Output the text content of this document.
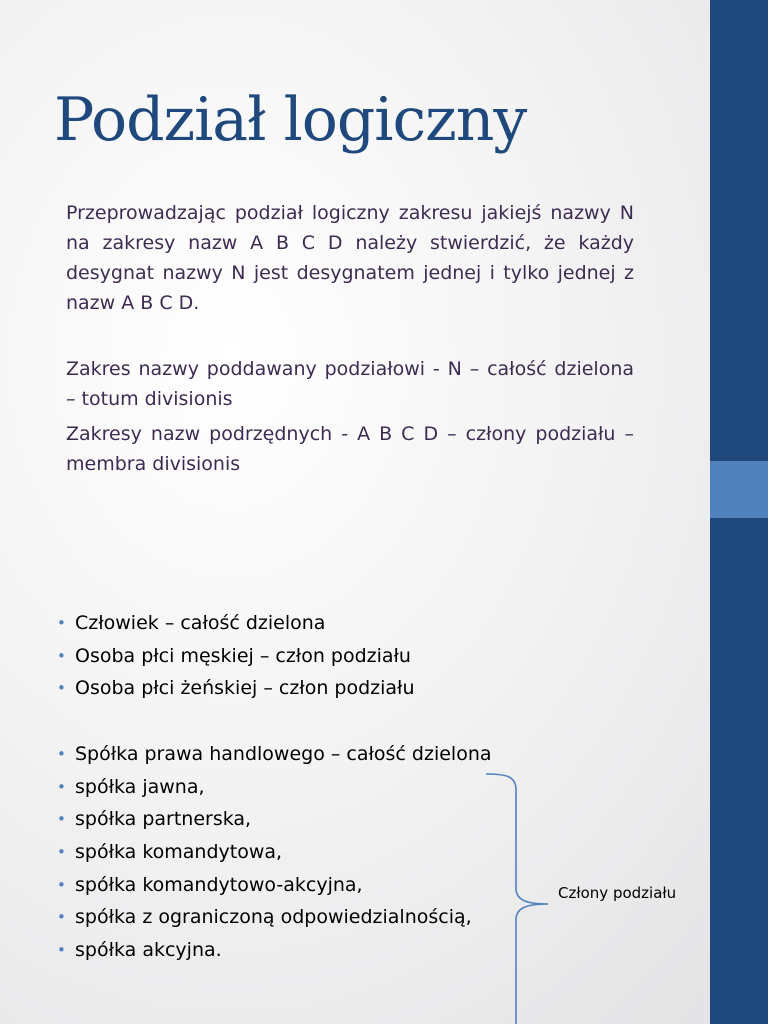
Podział logiczny

Przeprowadzając podział logiczny zakresu jakiejś nazwy N na zakresy nazw A B C D należy stwierdzić, że każdy desygnat nazwy N jest desygnatem jednej i tylko jednej z nazw A B C D.

Zakres nazwy poddawany podziałowi - N – całość dzielona – totum divisionis

Zakresy nazw podrzędnych - A B C D – człony podziału – membra divisionis

• Człowiek – całość dzielona
• Osoba płci męskiej – człon podziału
• Osoba płci żeńskiej – człon podziału
• Spółka prawa handlowego – całość dzielona
• spółka jawna,
• spółka partnerska,
• spółka komandytowa,
• spółka komandytowo-akcyjna,
• spółka z ograniczoną odpowiedzialnością,
• spółka akcyjna.
Człony podziału
